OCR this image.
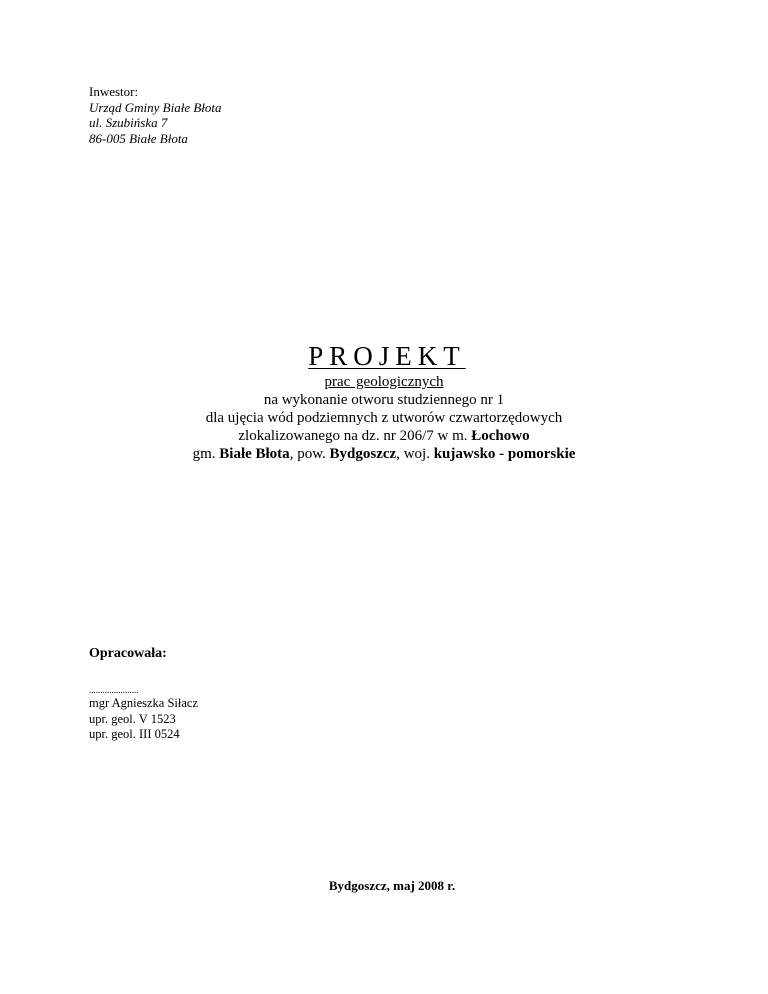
Inwestor:
Urząd Gminy Białe Błota
ul. Szubińska 7
86-005 Białe Błota
PROJEKT
prac geologicznych
na wykonanie otworu studziennego nr 1
dla ujęcia wód podziemnych z utworów czwartorzędowych
zlokalizowanego na dz. nr 206/7 w m. Łochowo
gm. Białe Błota, pow. Bydgoszcz, woj. kujawsko - pomorskie
Opracowała:
......................
mgr Agnieszka Siłacz
upr. geol. V 1523
upr. geol. III 0524
Bydgoszcz, maj 2008 r.
